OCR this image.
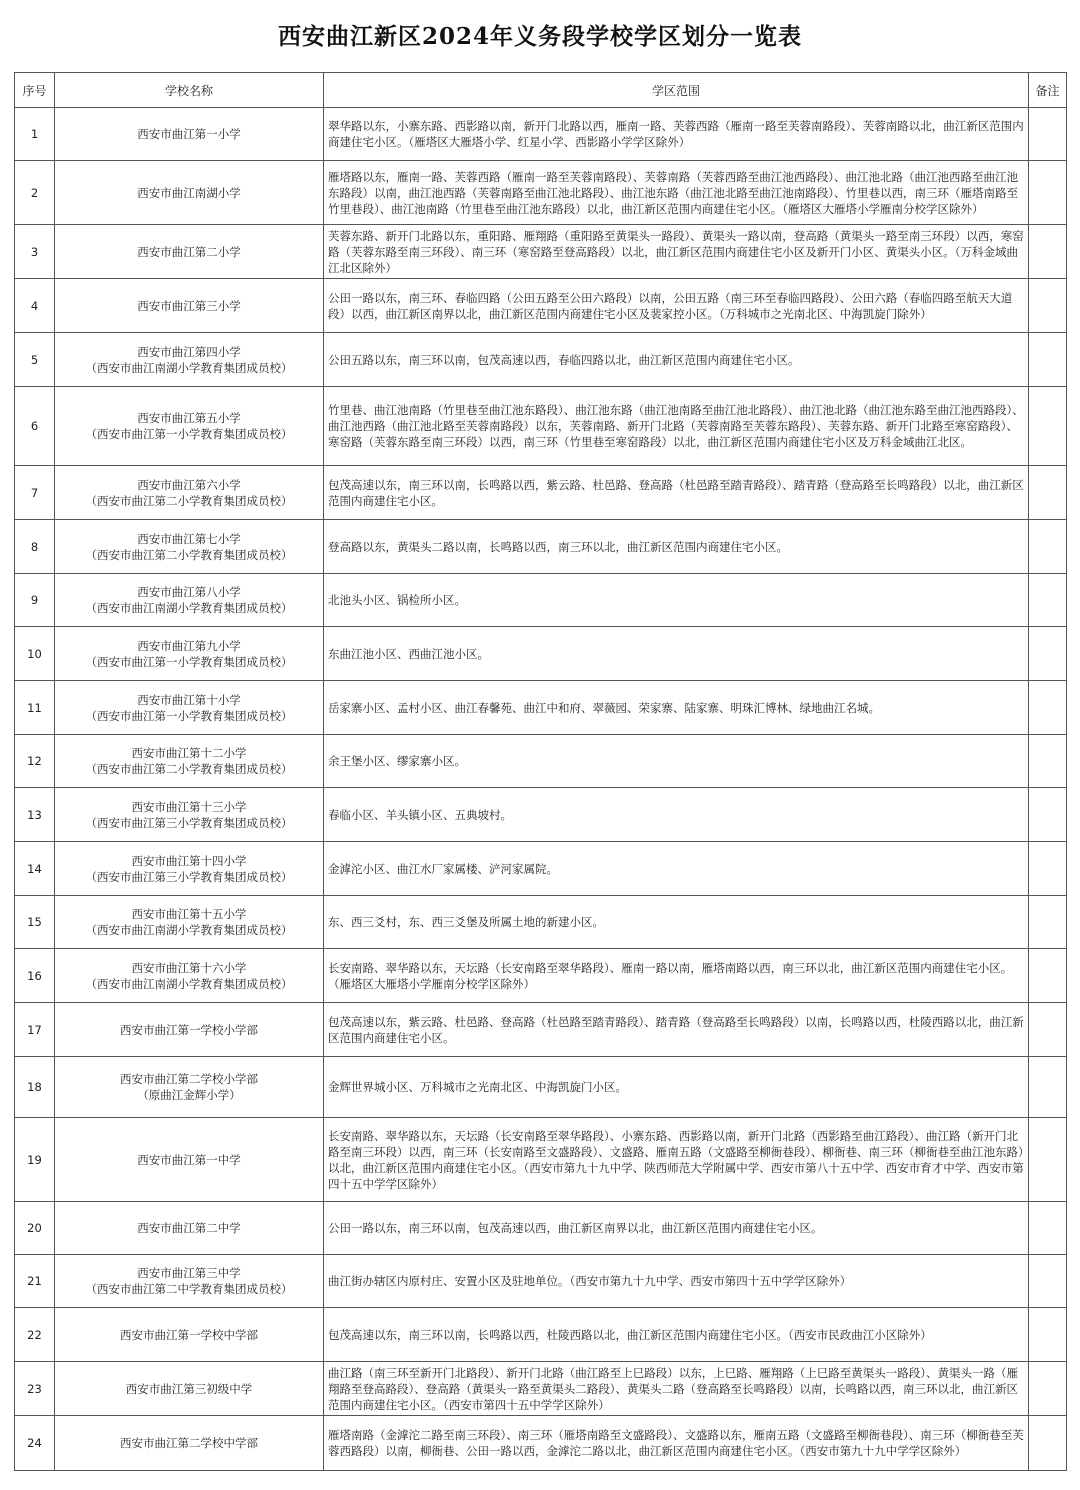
西安曲江新区2024年义务段学校学区划分一览表
序号	学校名称	学区范围	备注
1	西安市曲江第一小学	翠华路以东，小寨东路、西影路以南，新开门北路以西，雁南一路、芙蓉西路（雁南一路至芙蓉南路段）、芙蓉南路以北，曲江新区范围内商建住宅小区。（雁塔区大雁塔小学、红星小学、西影路小学学区除外）	
2	西安市曲江南湖小学	雁塔路以东，雁南一路、芙蓉西路（雁南一路至芙蓉南路段）、芙蓉南路（芙蓉西路至曲江池西路段）、曲江池北路（曲江池西路至曲江池东路段）以南，曲江池西路（芙蓉南路至曲江池北路段）、曲江池东路（曲江池北路至曲江池南路段）、竹里巷以西，南三环（雁塔南路至竹里巷段）、曲江池南路（竹里巷至曲江池东路段）以北，曲江新区范围内商建住宅小区。（雁塔区大雁塔小学雁南分校学区除外）	
3	西安市曲江第二小学	芙蓉东路、新开门北路以东，重阳路、雁翔路（重阳路至黄渠头一路段）、黄渠头一路以南，登高路（黄渠头一路至南三环段）以西，寒窑路（芙蓉东路至南三环段）、南三环（寒窑路至登高路段）以北，曲江新区范围内商建住宅小区及新开门小区、黄渠头小区。（万科金域曲江北区除外）	
4	西安市曲江第三小学	公田一路以东，南三环、春临四路（公田五路至公田六路段）以南，公田五路（南三环至春临四路段）、公田六路（春临四路至航天大道段）以西，曲江新区南界以北，曲江新区范围内商建住宅小区及裴家控小区。（万科城市之光南北区、中海凯旋门除外）	
5	西安市曲江第四小学
（西安市曲江南湖小学教育集团成员校）	公田五路以东，南三环以南，包茂高速以西，春临四路以北，曲江新区范围内商建住宅小区。	
6	西安市曲江第五小学
（西安市曲江第一小学教育集团成员校）	竹里巷、曲江池南路（竹里巷至曲江池东路段）、曲江池东路（曲江池南路至曲江池北路段）、曲江池北路（曲江池东路至曲江池西路段）、曲江池西路（曲江池北路至芙蓉南路段）以东，芙蓉南路、新开门北路（芙蓉南路至芙蓉东路段）、芙蓉东路、新开门北路至寒窑路段）、寒窑路（芙蓉东路至南三环段）以西，南三环（竹里巷至寒窑路段）以北，曲江新区范围内商建住宅小区及万科金域曲江北区。	
7	西安市曲江第六小学
（西安市曲江第二小学教育集团成员校）	包茂高速以东，南三环以南，长鸣路以西，紫云路、杜邑路、登高路（杜邑路至踏青路段）、踏青路（登高路至长鸣路段）以北，曲江新区范围内商建住宅小区。	
8	西安市曲江第七小学
（西安市曲江第二小学教育集团成员校）	登高路以东，黄渠头二路以南，长鸣路以西，南三环以北，曲江新区范围内商建住宅小区。	
9	西安市曲江第八小学
（西安市曲江南湖小学教育集团成员校）	北池头小区、锅检所小区。	
10	西安市曲江第九小学
（西安市曲江第一小学教育集团成员校）	东曲江池小区、西曲江池小区。	
11	西安市曲江第十小学
（西安市曲江第一小学教育集团成员校）	岳家寨小区、孟村小区、曲江春馨苑、曲江中和府、翠薇园、荣家寨、陆家寨、明珠汇博林、绿地曲江名城。	
12	西安市曲江第十二小学
（西安市曲江第二小学教育集团成员校）	余王堡小区、缪家寨小区。	
13	西安市曲江第十三小学
（西安市曲江第三小学教育集团成员校）	春临小区、羊头镇小区、五典坡村。	
14	西安市曲江第十四小学
（西安市曲江第三小学教育集团成员校）	金滹沱小区、曲江水厂家属楼、浐河家属院。	
15	西安市曲江第十五小学
（西安市曲江南湖小学教育集团成员校）	东、西三爻村，东、西三爻堡及所属土地的新建小区。	
16	西安市曲江第十六小学
（西安市曲江南湖小学教育集团成员校）	长安南路、翠华路以东，天坛路（长安南路至翠华路段）、雁南一路以南，雁塔南路以西，南三环以北，曲江新区范围内商建住宅小区。（雁塔区大雁塔小学雁南分校学区除外）	
17	西安市曲江第一学校小学部	包茂高速以东，紫云路、杜邑路、登高路（杜邑路至踏青路段）、踏青路（登高路至长鸣路段）以南，长鸣路以西，杜陵西路以北，曲江新区范围内商建住宅小区。	
18	西安市曲江第二学校小学部
（原曲江金辉小学）	金辉世界城小区、万科城市之光南北区、中海凯旋门小区。	
19	西安市曲江第一中学	长安南路、翠华路以东，天坛路（长安南路至翠华路段）、小寨东路、西影路以南，新开门北路（西影路至曲江路段）、曲江路（新开门北路至南三环段）以西，南三环（长安南路至文盛路段）、文盛路、雁南五路（文盛路至柳衙巷段）、柳衙巷、南三环（柳衙巷至曲江池东路）以北，曲江新区范围内商建住宅小区。（西安市第九十九中学、陕西师范大学附属中学、西安市第八十五中学、西安市育才中学、西安市第四十五中学学区除外）	
20	西安市曲江第二中学	公田一路以东，南三环以南，包茂高速以西，曲江新区南界以北，曲江新区范围内商建住宅小区。	
21	西安市曲江第三中学
（西安市曲江第二中学教育集团成员校）	曲江街办辖区内原村庄、安置小区及驻地单位。（西安市第九十九中学、西安市第四十五中学学区除外）	
22	西安市曲江第一学校中学部	包茂高速以东，南三环以南，长鸣路以西，杜陵西路以北，曲江新区范围内商建住宅小区。（西安市民政曲江小区除外）	
23	西安市曲江第三初级中学	曲江路（南三环至新开门北路段）、新开门北路（曲江路至上巳路段）以东，上巳路、雁翔路（上巳路至黄渠头一路段）、黄渠头一路（雁翔路至登高路段）、登高路（黄渠头一路至黄渠头二路段）、黄渠头二路（登高路至长鸣路段）以南，长鸣路以西，南三环以北，曲江新区范围内商建住宅小区。（西安市第四十五中学学区除外）	
24	西安市曲江第二学校中学部	雁塔南路（金滹沱二路至南三环段）、南三环（雁塔南路至文盛路段）、文盛路以东，雁南五路（文盛路至柳衙巷段）、南三环（柳衙巷至芙蓉西路段）以南，柳衙巷、公田一路以西，金滹沱二路以北，曲江新区范围内商建住宅小区。（西安市第九十九中学学区除外）	
